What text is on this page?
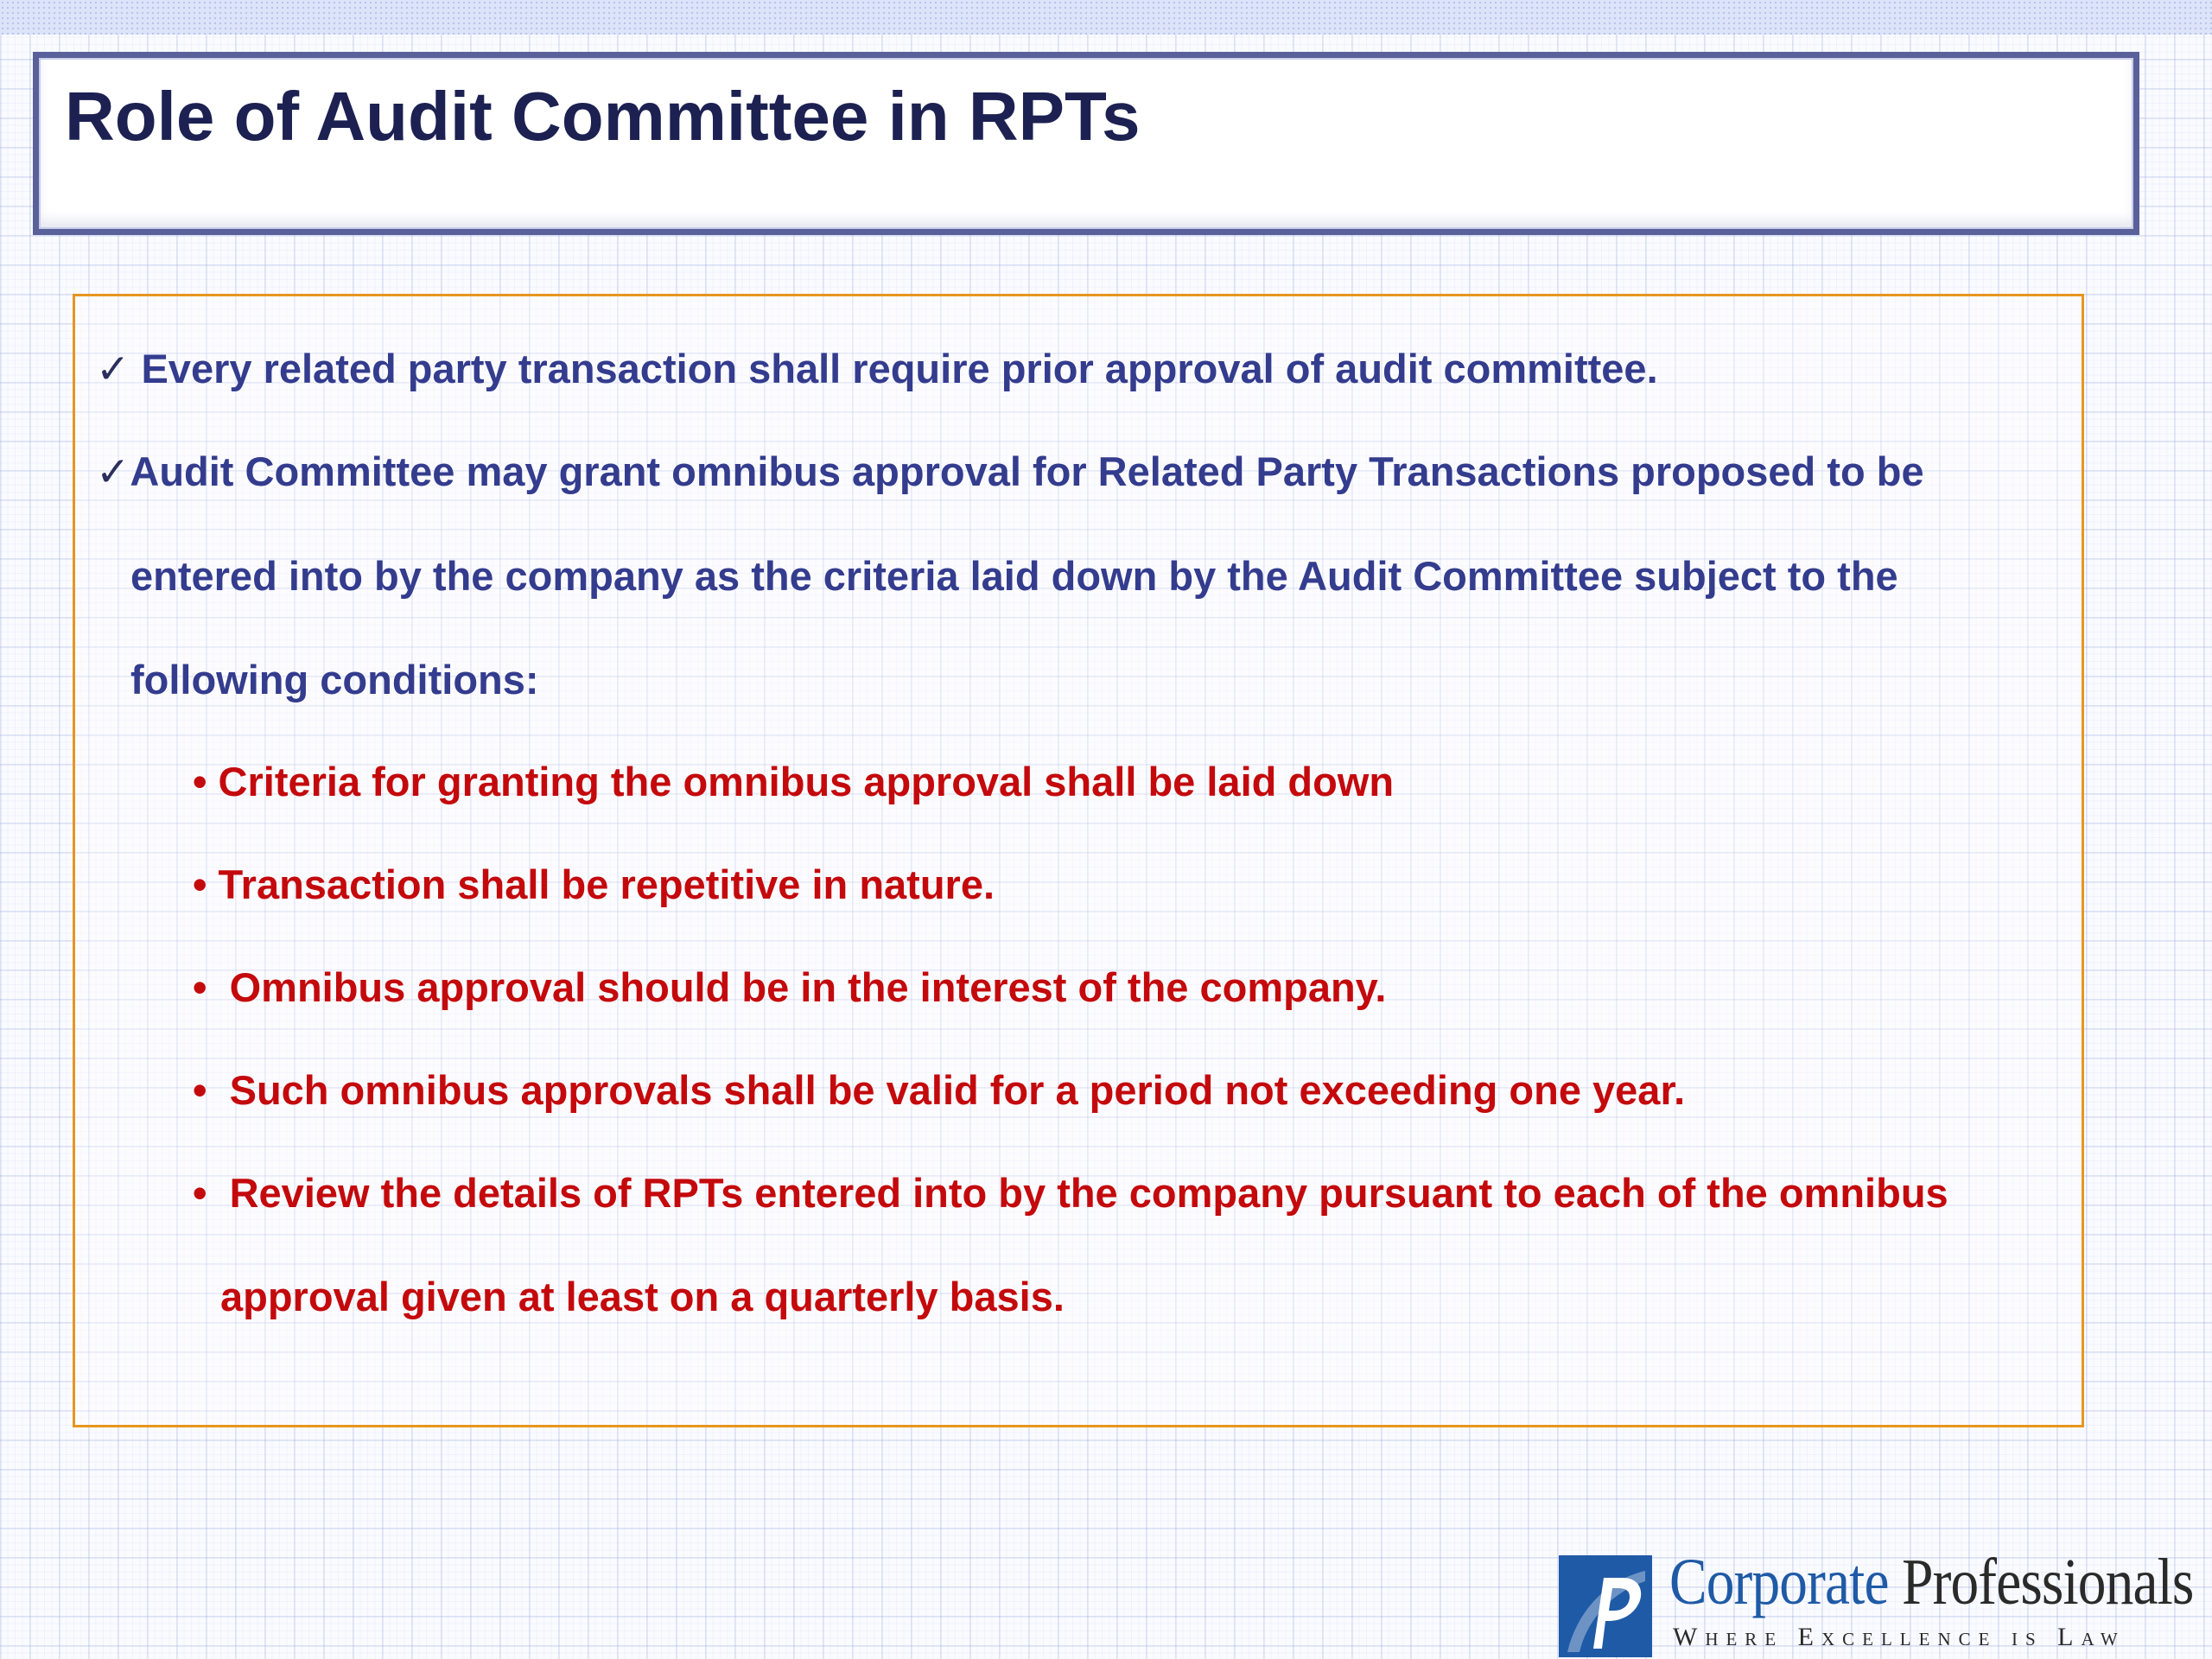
Role of Audit Committee in RPTs
✓ Every related party transaction shall require prior approval of audit committee.
✓Audit Committee may grant omnibus approval for Related Party Transactions proposed to be
entered into by the company as the criteria laid down by the Audit Committee subject to the
following conditions:
• Criteria for granting the omnibus approval shall be laid down
• Transaction shall be repetitive in nature.
• Omnibus approval should be in the interest of the company.
• Such omnibus approvals shall be valid for a period not exceeding one year.
• Review the details of RPTs entered into by the company pursuant to each of the omnibus
approval given at least on a quarterly basis.
Corporate Professionals
Where Excellence is Law
